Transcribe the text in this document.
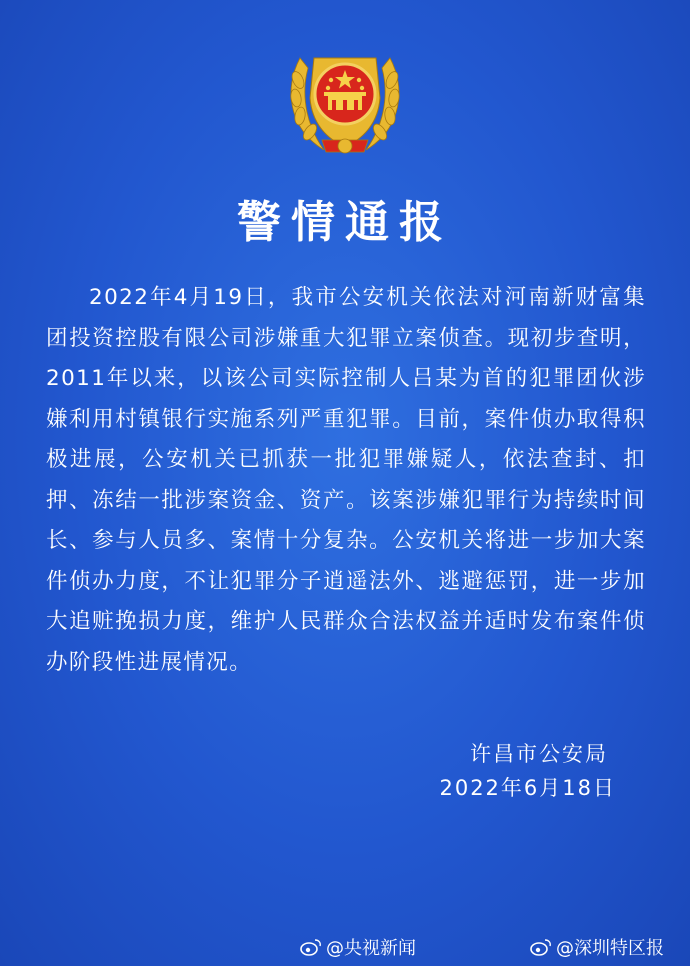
警情通报

2022年4月19日，我市公安机关依法对河南新财富集团投资控股有限公司涉嫌重大犯罪立案侦查。现初步查明，2011年以来，以该公司实际控制人吕某为首的犯罪团伙涉嫌利用村镇银行实施系列严重犯罪。目前，案件侦办取得积极进展，公安机关已抓获一批犯罪嫌疑人，依法查封、扣押、冻结一批涉案资金、资产。该案涉嫌犯罪行为持续时间长、参与人员多、案情十分复杂。公安机关将进一步加大案件侦办力度，不让犯罪分子逍遥法外、逃避惩罚，进一步加大追赃挽损力度，维护人民群众合法权益并适时发布案件侦办阶段性进展情况。

许昌市公安局
2022年6月18日
@央视新闻	@深圳特区报
